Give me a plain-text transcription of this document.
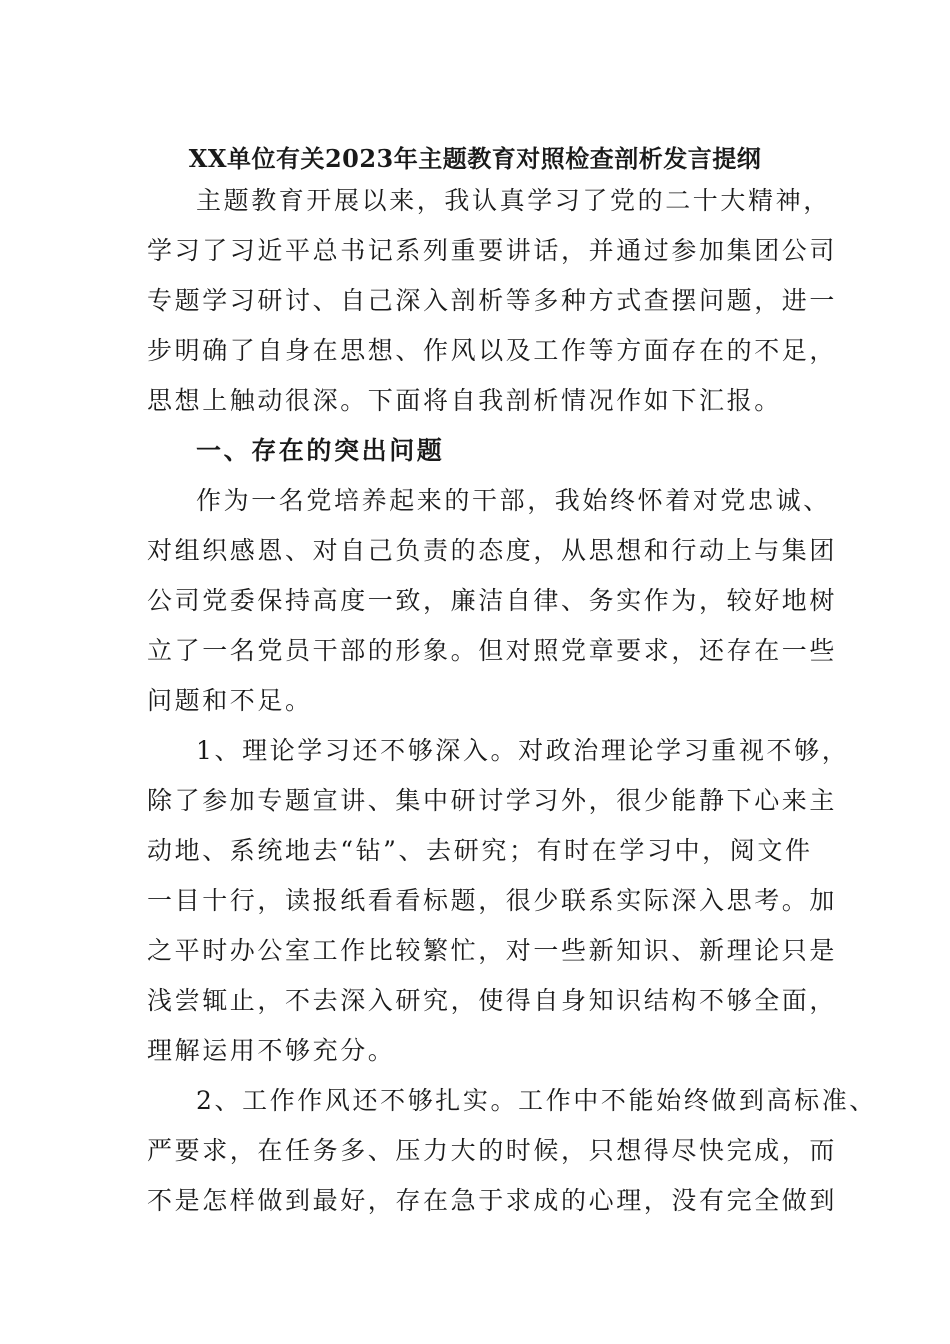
XX单位有关2023年主题教育对照检查剖析发言提纲
主题教育开展以来，我认真学习了党的二十大精神，
学习了习近平总书记系列重要讲话，并通过参加集团公司
专题学习研讨、自己深入剖析等多种方式查摆问题，进一
步明确了自身在思想、作风以及工作等方面存在的不足，
思想上触动很深。下面将自我剖析情况作如下汇报。
一、存在的突出问题
作为一名党培养起来的干部，我始终怀着对党忠诚、
对组织感恩、对自己负责的态度，从思想和行动上与集团
公司党委保持高度一致，廉洁自律、务实作为，较好地树
立了一名党员干部的形象。但对照党章要求，还存在一些
问题和不足。
1、理论学习还不够深入。对政治理论学习重视不够，
除了参加专题宣讲、集中研讨学习外，很少能静下心来主
动地、系统地去“钻”、去研究；有时在学习中，阅文件
一目十行，读报纸看看标题，很少联系实际深入思考。加
之平时办公室工作比较繁忙，对一些新知识、新理论只是
浅尝辄止，不去深入研究，使得自身知识结构不够全面，
理解运用不够充分。
2、工作作风还不够扎实。工作中不能始终做到高标准、
严要求，在任务多、压力大的时候，只想得尽快完成，而
不是怎样做到最好，存在急于求成的心理，没有完全做到
